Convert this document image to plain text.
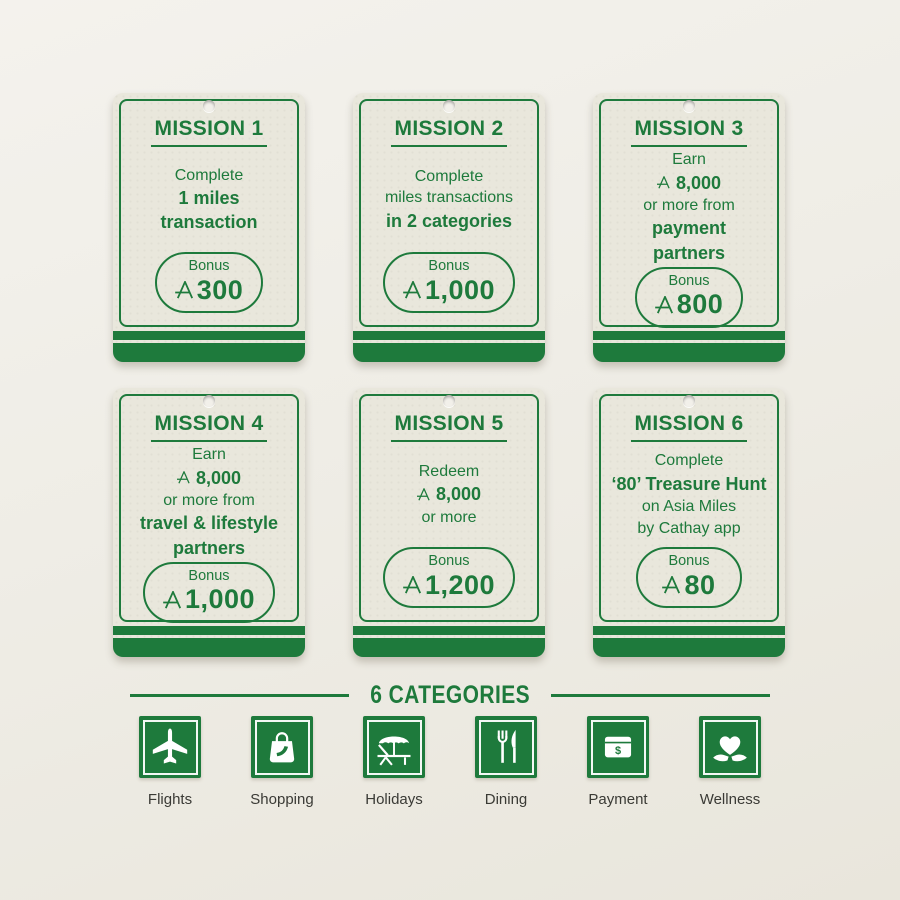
MISSION 1
Complete
1 miles
transaction
Bonus
300
MISSION 2
Complete
miles transactions
in 2 categories
Bonus
1,000
MISSION 3
Earn
8,000
or more from
payment
partners
Bonus
800
MISSION 4
Earn
8,000
or more from
travel & lifestyle
partners
Bonus
1,000
MISSION 5
Redeem
8,000
or more
Bonus
1,200
MISSION 6
Complete
‘80’ Treasure Hunt
on Asia Miles
by Cathay app
Bonus
80
6 CATEGORIES
Flights	Shopping	Holidays	Dining
$
Payment	Wellness
